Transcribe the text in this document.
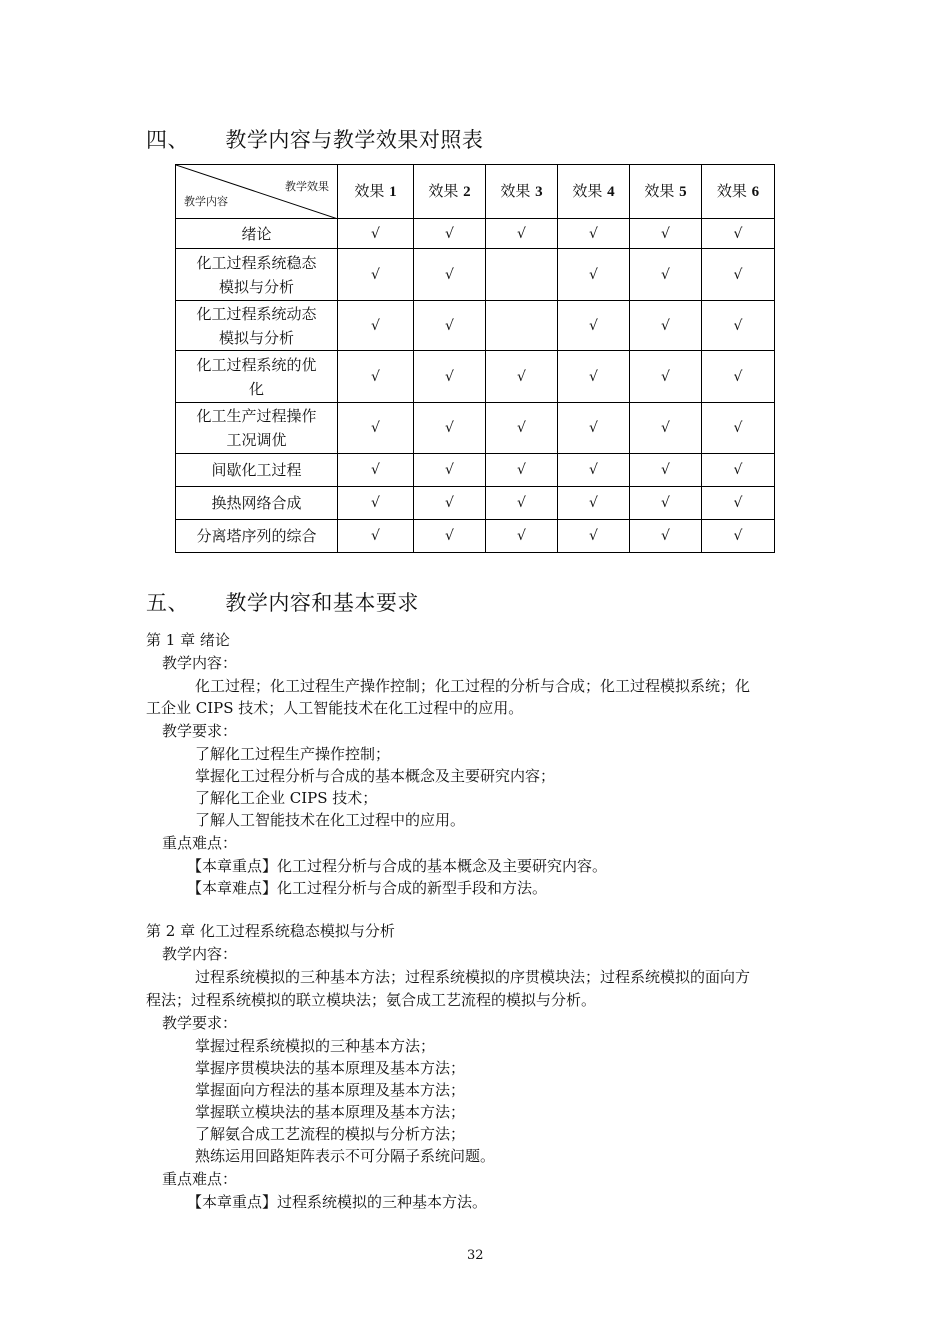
四、 教学内容与教学效果对照表
教学效果
教学内容	效果 1	效果 2	效果 3	效果 4	效果 5	效果 6
绪论	√	√	√	√	√	√
化工过程系统稳态
模拟与分析	√	√		√	√	√
化工过程系统动态
模拟与分析	√	√		√	√	√
化工过程系统的优
化	√	√	√	√	√	√
化工生产过程操作
工况调优	√	√	√	√	√	√
间歇化工过程	√	√	√	√	√	√
换热网络合成	√	√	√	√	√	√
分离塔序列的综合	√	√	√	√	√	√
五、 教学内容和基本要求
第 1 章 绪论
教学内容：
化工过程；化工过程生产操作控制；化工过程的分析与合成；化工过程模拟系统；化
工企业 CIPS 技术；人工智能技术在化工过程中的应用。
教学要求：
了解化工过程生产操作控制；
掌握化工过程分析与合成的基本概念及主要研究内容；
了解化工企业 CIPS 技术；
了解人工智能技术在化工过程中的应用。
重点难点：
【本章重点】化工过程分析与合成的基本概念及主要研究内容。
【本章难点】化工过程分析与合成的新型手段和方法。
第 2 章 化工过程系统稳态模拟与分析
教学内容：
过程系统模拟的三种基本方法；过程系统模拟的序贯模块法；过程系统模拟的面向方
程法；过程系统模拟的联立模块法；氨合成工艺流程的模拟与分析。
教学要求：
掌握过程系统模拟的三种基本方法；
掌握序贯模块法的基本原理及基本方法；
掌握面向方程法的基本原理及基本方法；
掌握联立模块法的基本原理及基本方法；
了解氨合成工艺流程的模拟与分析方法；
熟练运用回路矩阵表示不可分隔子系统问题。
重点难点：
【本章重点】过程系统模拟的三种基本方法。
32
